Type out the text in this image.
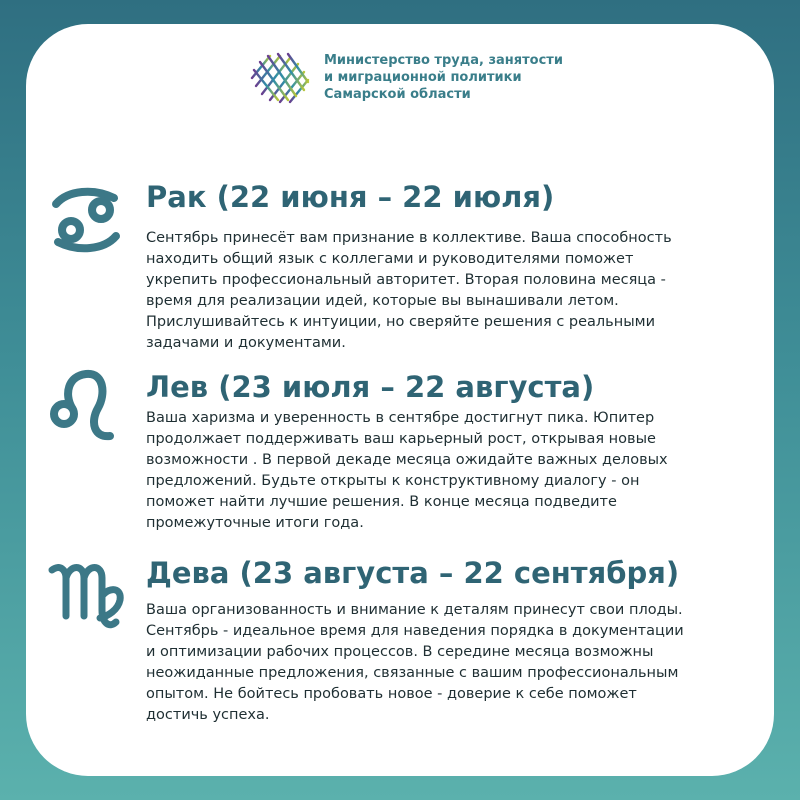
Министерство труда, занятости
и миграционной политики
Самарской области
Рак (22 июня – 22 июля)
Сентябрь принесёт вам признание в коллективе. Ваша способность
находить общий язык с коллегами и руководителями поможет
укрепить профессиональный авторитет. Вторая половина месяца -
время для реализации идей, которые вы вынашивали летом.
Прислушивайтесь к интуиции, но сверяйте решения с реальными
задачами и документами.
Лев (23 июля – 22 августа)
Ваша харизма и уверенность в сентябре достигнут пика. Юпитер
продолжает поддерживать ваш карьерный рост, открывая новые
возможности . В первой декаде месяца ожидайте важных деловых
предложений. Будьте открыты к конструктивному диалогу - он
поможет найти лучшие решения. В конце месяца подведите
промежуточные итоги года.
Дева (23 августа – 22 сентября)
Ваша организованность и внимание к деталям принесут свои плоды.
Сентябрь - идеальное время для наведения порядка в документации
и оптимизации рабочих процессов. В середине месяца возможны
неожиданные предложения, связанные с вашим профессиональным
опытом. Не бойтесь пробовать новое - доверие к себе поможет
достичь успеха.
